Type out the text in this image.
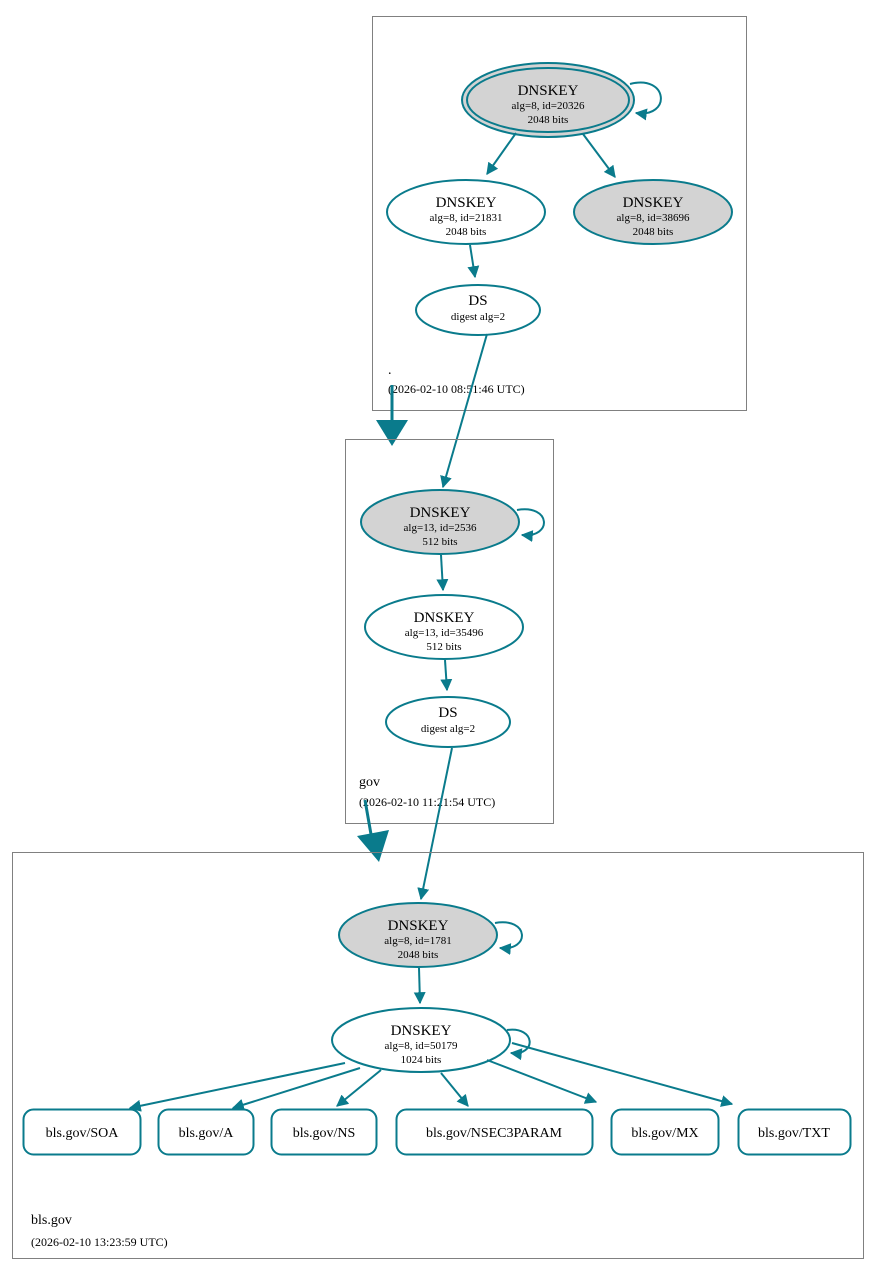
DNSKEY
alg=8, id=20326
2048 bits
DNSKEY
alg=8, id=21831
2048 bits
DNSKEY
alg=8, id=38696
2048 bits
DS
digest alg=2
.
(2026-02-10 08:51:46 UTC)
DNSKEY
alg=13, id=2536
512 bits
DNSKEY
alg=13, id=35496
512 bits
DS
digest alg=2
gov
(2026-02-10 11:21:54 UTC)
DNSKEY
alg=8, id=1781
2048 bits
DNSKEY
alg=8, id=50179
1024 bits
bls.gov/SOA	bls.gov/A	bls.gov/NS	bls.gov/NSEC3PARAM	bls.gov/MX	bls.gov/TXT
bls.gov
(2026-02-10 13:23:59 UTC)
